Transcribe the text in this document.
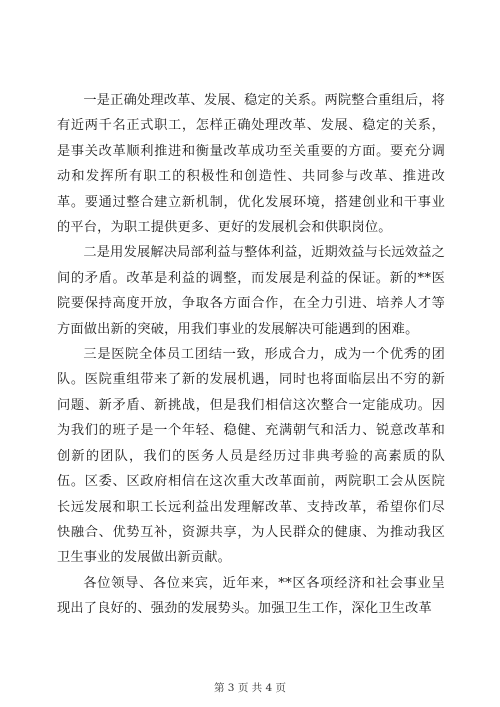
一是正确处理改革、发展、稳定的关系。两院整合重组后，将有近两千名正式职工，怎样正确处理改革、发展、稳定的关系，是事关改革顺利推进和衡量改革成功至关重要的方面。要充分调动和发挥所有职工的积极性和创造性、共同参与改革、推进改革。要通过整合建立新机制，优化发展环境，搭建创业和干事业的平台，为职工提供更多、更好的发展机会和供职岗位。

二是用发展解决局部利益与整体利益，近期效益与长远效益之间的矛盾。改革是利益的调整，而发展是利益的保证。新的**医院要保持高度开放，争取各方面合作，在全力引进、培养人才等方面做出新的突破，用我们事业的发展解决可能遇到的困难。

三是医院全体员工团结一致，形成合力，成为一个优秀的团队。医院重组带来了新的发展机遇，同时也将面临层出不穷的新问题、新矛盾、新挑战，但是我们相信这次整合一定能成功。因为我们的班子是一个年轻、稳健、充满朝气和活力、锐意改革和创新的团队，我们的医务人员是经历过非典考验的高素质的队伍。区委、区政府相信在这次重大改革面前，两院职工会从医院长远发展和职工长远利益出发理解改革、支持改革，希望你们尽快融合、优势互补，资源共享，为人民群众的健康、为推动我区卫生事业的发展做出新贡献。

各位领导、各位来宾，近年来，**区各项经济和社会事业呈现出了良好的、强劲的发展势头。加强卫生工作，深化卫生改革

第 3 页 共 4 页
